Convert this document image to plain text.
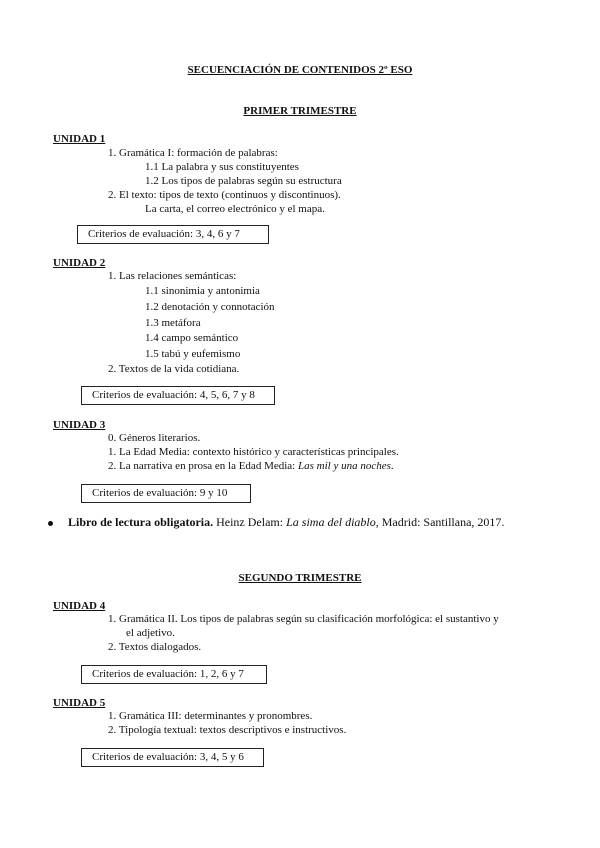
SECUENCIACIÓN DE CONTENIDOS 2º ESO
PRIMER TRIMESTRE
UNIDAD 1
1. Gramática I: formación de palabras:
1.1 La palabra y sus constituyentes
1.2 Los tipos de palabras según su estructura
2. El texto: tipos de texto (continuos y discontinuos).
La carta, el correo electrónico y el mapa.
Criterios de evaluación: 3, 4, 6 y 7
UNIDAD 2
1. Las relaciones semánticas:
1.1 sinonimia y antonimia
1.2 denotación y connotación
1.3 metáfora
1.4 campo semántico
1.5 tabú y eufemismo
2. Textos de la vida cotidiana.
Criterios de evaluación: 4, 5, 6, 7 y 8
UNIDAD 3
0. Géneros literarios.
1. La Edad Media: contexto histórico y características principales.
2. La narrativa en prosa en la Edad Media: Las mil y una noches.
Criterios de evaluación: 9 y 10
Libro de lectura obligatoria. Heinz Delam: La sima del diablo, Madrid: Santillana, 2017.
SEGUNDO TRIMESTRE
UNIDAD 4
1. Gramática II. Los tipos de palabras según su clasificación morfológica: el sustantivo y
el adjetivo.
2. Textos dialogados.
Criterios de evaluación: 1, 2, 6 y 7
UNIDAD 5
1. Gramática III: determinantes y pronombres.
2. Tipología textual: textos descriptivos e instructivos.
Criterios de evaluación: 3, 4, 5 y 6
